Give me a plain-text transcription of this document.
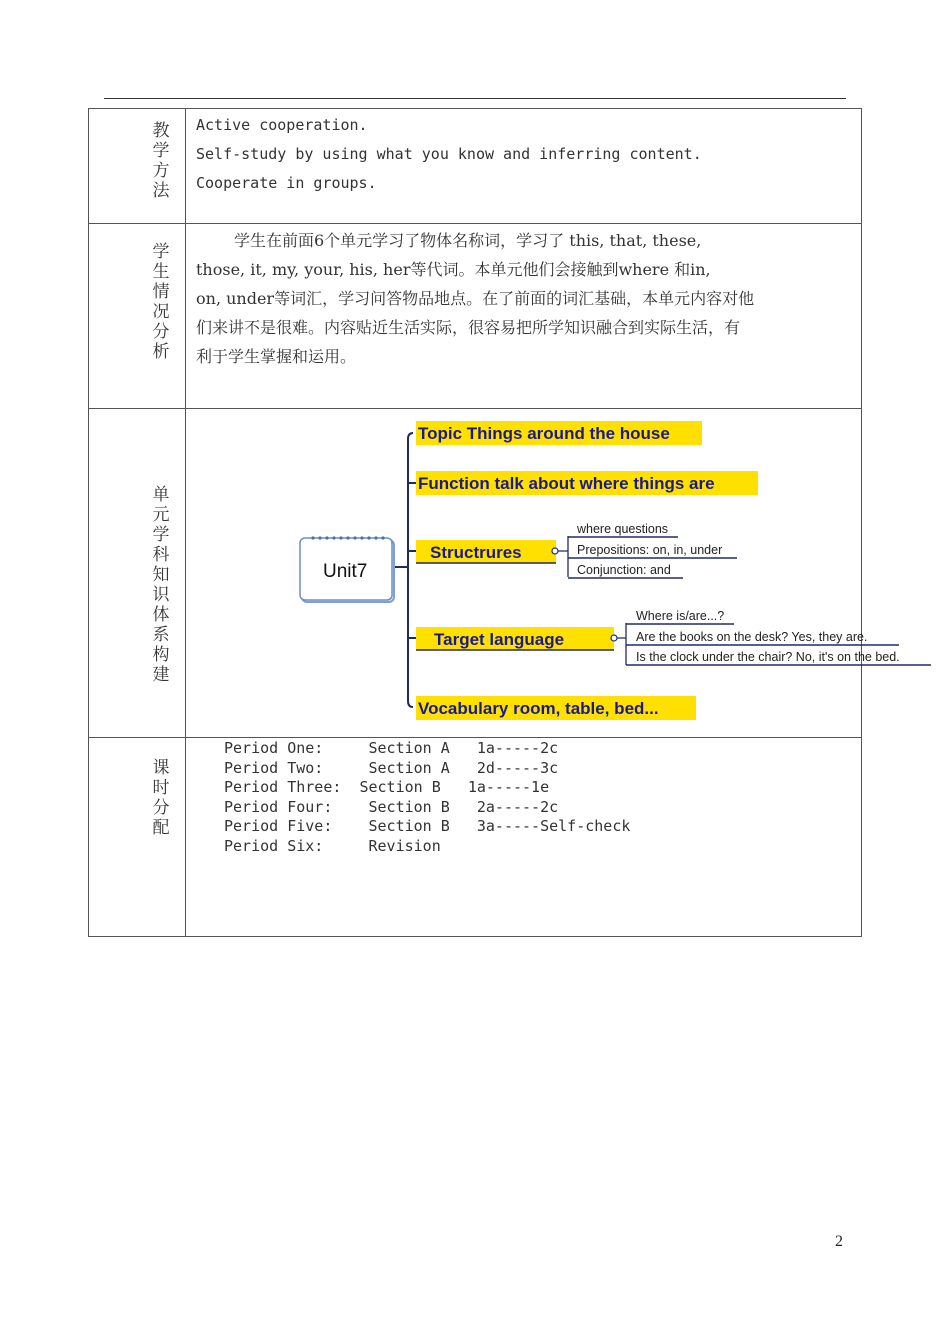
教学方法
Active cooperation.
Self-study by using what you know and inferring content.
Cooperate in groups.
学生情况分析
学生在前面6个单元学习了物体名称词，学习了 this, that, these,
those, it, my, your, his, her等代词。本单元他们会接触到where 和in,
on, under等词汇，学习问答物品地点。在了前面的词汇基础，本单元内容对他
们来讲不是很难。内容贴近生活实际，很容易把所学知识融合到实际生活，有
利于学生掌握和运用。
单元学科知识体系构建
Unit7
Topic Things around the house
Function talk about where things are
Structrures
where questions
Prepositions: on, in, under
Conjunction: and
Target language
Where is/are...?
Are the books on the desk? Yes, they are.
Is the clock under the chair? No, it's on the bed.
Vocabulary room, table, bed...
课时分配
Period One:     Section A   1a-----2c
Period Two:     Section A   2d-----3c
Period Three:  Section B   1a-----1e
Period Four:    Section B   2a-----2c
Period Five:    Section B   3a-----Self-check
Period Six:     Revision
2
